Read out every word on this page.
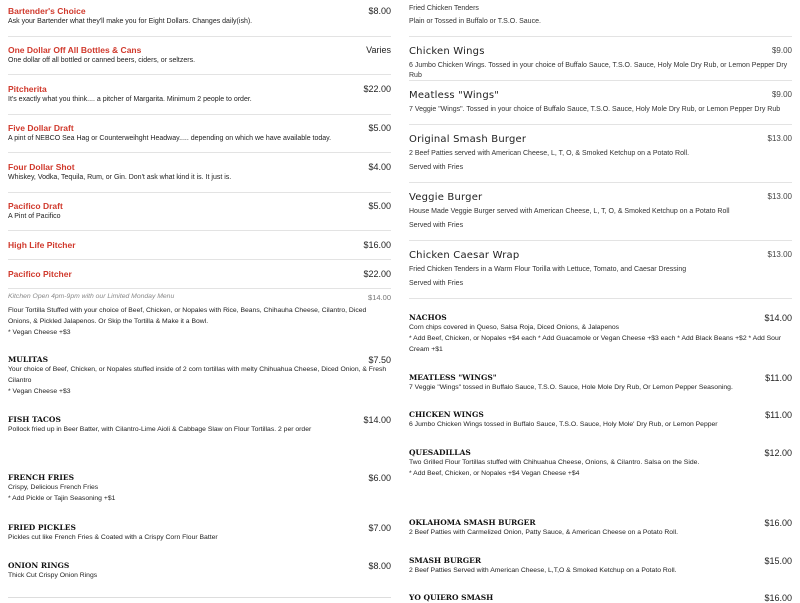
Bartender's Choice	$8.00
Ask your Bartender what they'll make you for Eight Dollars. Changes daily(ish).
One Dollar Off All Bottles & Cans	Varies
One dollar off all bottled or canned beers, ciders, or seltzers.
Pitcherita	$22.00
It's exactly what you think.... a pitcher of Margarita. Minimum 2 people to order.
Five Dollar Draft	$5.00
A pint of NEBCO Sea Hag or Counterweihght Headway..... depending on which we have available today.
Four Dollar Shot	$4.00
Whiskey, Vodka, Tequila, Rum, or Gin. Don't ask what kind it is. It just is.
Pacifico Draft	$5.00
A Pint of Pacifico
High Life Pitcher	$16.00
Pacifico Pitcher	$22.00
Kitchen Open 4pm-9pm with our Limited Monday Menu	$14.00
Flour Tortilla Stuffed with your choice of Beef, Chicken, or Nopales with Rice, Beans, Chihauha Cheese, Cilantro, Diced Onions, & Pickled Jalapenos. Or Skip the Tortilla & Make it a Bowl.
* Vegan Cheese +$3
MULITAS	$7.50
Your choice of Beef, Chicken, or Nopales stuffed inside of 2 corn tortillas with melty Chihuahua Cheese, Diced Onion, & Fresh Cilantro
* Vegan Cheese +$3
FISH TACOS	$14.00
Pollock fried up in Beer Batter, with Cilantro-Lime Aioli & Cabbage Slaw on Flour Tortillas. 2 per order
FRENCH FRIES	$6.00
Crispy, Delicious French Fries
* Add Pickle or Tajin Seasoning +$1
FRIED PICKLES	$7.00
Pickles cut like French Fries & Coated with a Crispy Corn Flour Batter
ONION RINGS	$8.00
Thick Cut Crispy Onion Rings
Fried Chicken Tenders
Plain or Tossed in Buffalo or T.S.O. Sauce.
Chicken Wings	$9.00
6 Jumbo Chicken Wings. Tossed in your choice of Buffalo Sauce, T.S.O. Sauce, Holy Mole Dry Rub, or Lemon Pepper Dry Rub
Meatless "Wings"	$9.00
7 Veggie "Wings". Tossed in your choice of Buffalo Sauce, T.S.O. Sauce, Holy Mole Dry Rub, or Lemon Pepper Dry Rub
Original Smash Burger	$13.00
2 Beef Patties served with American Cheese, L, T, O, & Smoked Ketchup on a Potato Roll.
Served with Fries
Veggie Burger	$13.00
House Made Veggie Burger served with American Cheese, L, T, O, & Smoked Ketchup on a Potato Roll
Served with Fries
Chicken Caesar Wrap	$13.00
Fried Chicken Tenders in a Warm Flour Torilla with Lettuce, Tomato, and Caesar Dressing
Served with Fries
NACHOS	$14.00
Corn chips covered in Queso, Salsa Roja, Diced Onions, & Jalapenos
* Add Beef, Chicken, or Nopales +$4 each * Add Guacamole or Vegan Cheese +$3 each * Add Black Beans +$2 * Add Sour Cream +$1
MEATLESS "WINGS"	$11.00
7 Veggie "Wings" tossed in Buffalo Sauce, T.S.O. Sauce, Hole Mole Dry Rub, Or Lemon Pepper Seasoning.
CHICKEN WINGS	$11.00
6 Jumbo Chicken Wings tossed in Buffalo Sauce, T.S.O. Sauce, Holy Mole' Dry Rub, or Lemon Pepper
QUESADILLAS	$12.00
Two Grilled Flour Tortillas stuffed with Chihuahua Cheese, Onions, & Cilantro. Salsa on the Side.
* Add Beef, Chicken, or Nopales +$4 Vegan Cheese +$4
OKLAHOMA SMASH BURGER	$16.00
2 Beef Patties with Carmelized Onion, Patty Sauce, & American Cheese on a Potato Roll.
SMASH BURGER	$15.00
2 Beef Patties Served with American Cheese, L,T,O & Smoked Ketchup on a Potato Roll.
YO QUIERO SMASH	$16.00
